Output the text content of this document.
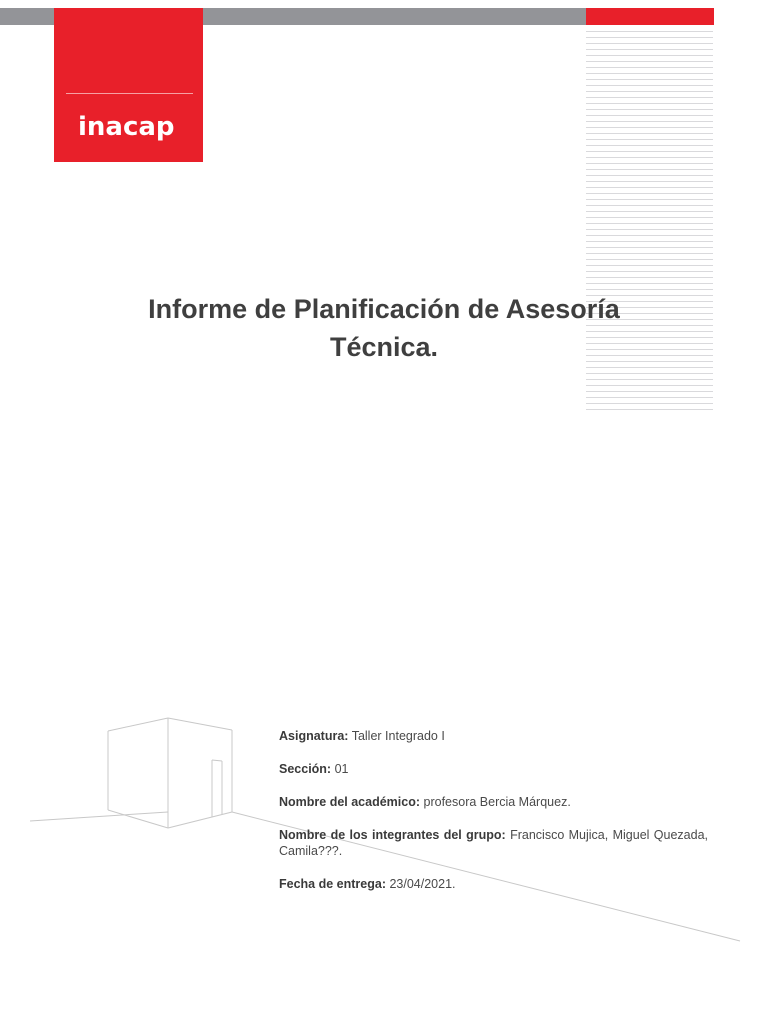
inacap
Informe de Planificación de Asesoría
Técnica.

Asignatura: Taller Integrado I

Sección: 01

Nombre del académico: profesora Bercia Márquez.

Nombre de los integrantes del grupo: Francisco Mujica, Miguel Quezada, Camila???.

Fecha de entrega: 23/04/2021.
